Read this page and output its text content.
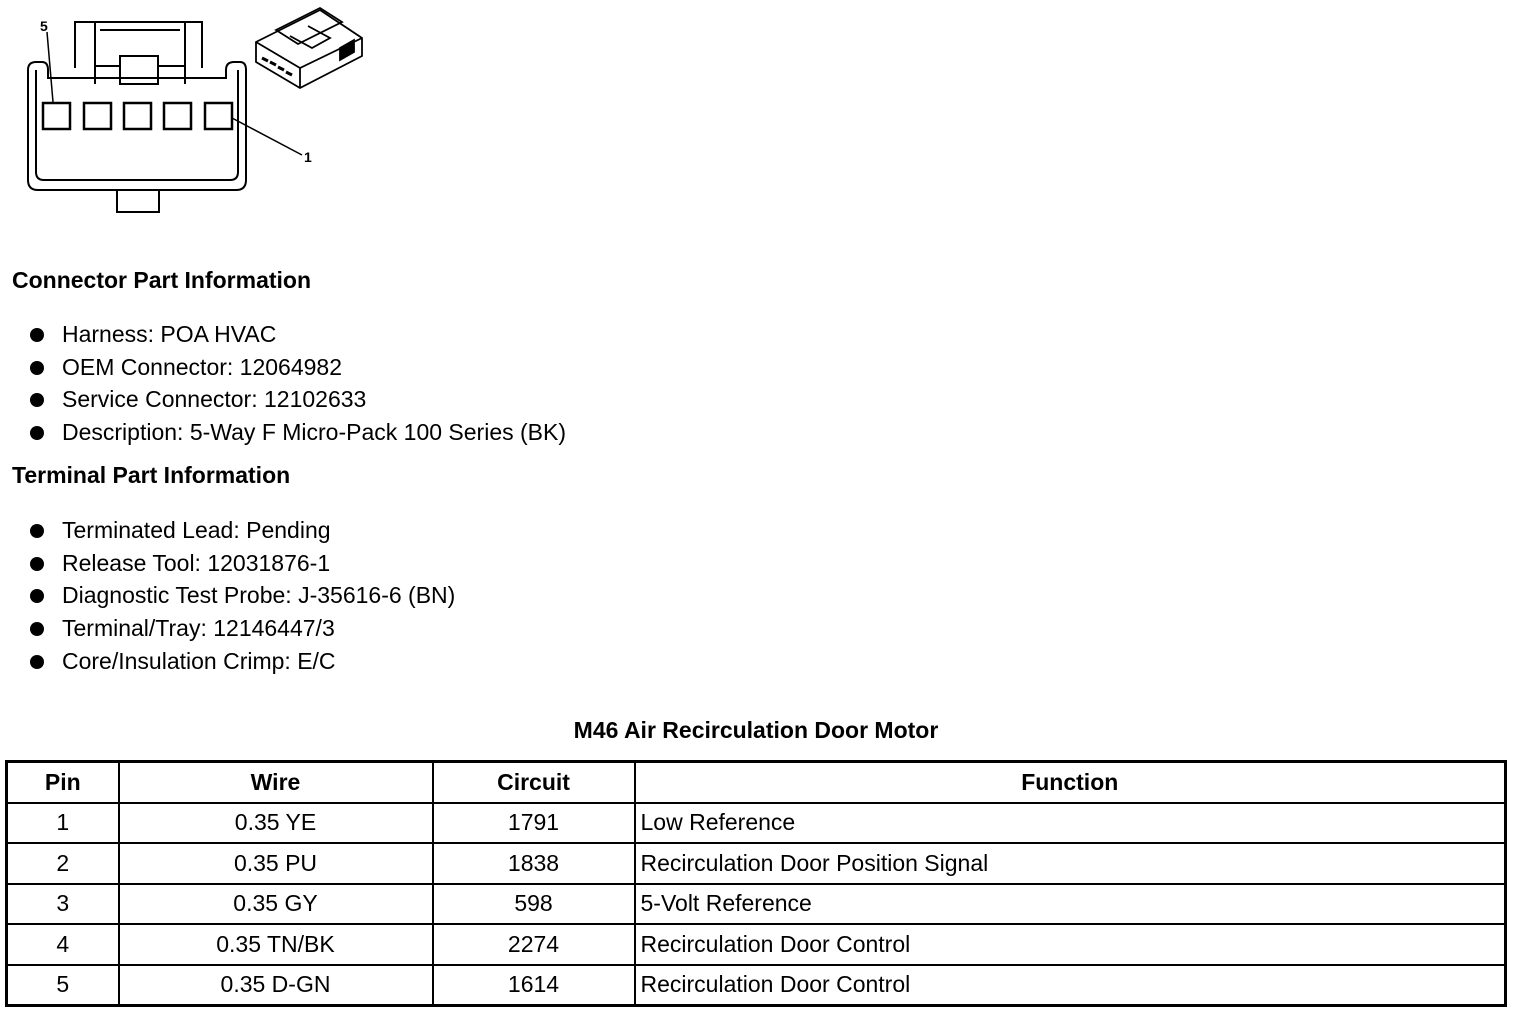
5
1
Connector Part Information
Harness: POA HVAC
OEM Connector: 12064982
Service Connector: 12102633
Description: 5-Way F Micro-Pack 100 Series (BK)
Terminal Part Information
Terminated Lead: Pending
Release Tool: 12031876-1
Diagnostic Test Probe: J-35616-6 (BN)
Terminal/Tray: 12146447/3
Core/Insulation Crimp: E/C
M46 Air Recirculation Door Motor
Pin	Wire	Circuit	Function
1	0.35 YE	1791	Low Reference
2	0.35 PU	1838	Recirculation Door Position Signal
3	0.35 GY	598	5-Volt Reference
4	0.35 TN/BK	2274	Recirculation Door Control
5	0.35 D-GN	1614	Recirculation Door Control
